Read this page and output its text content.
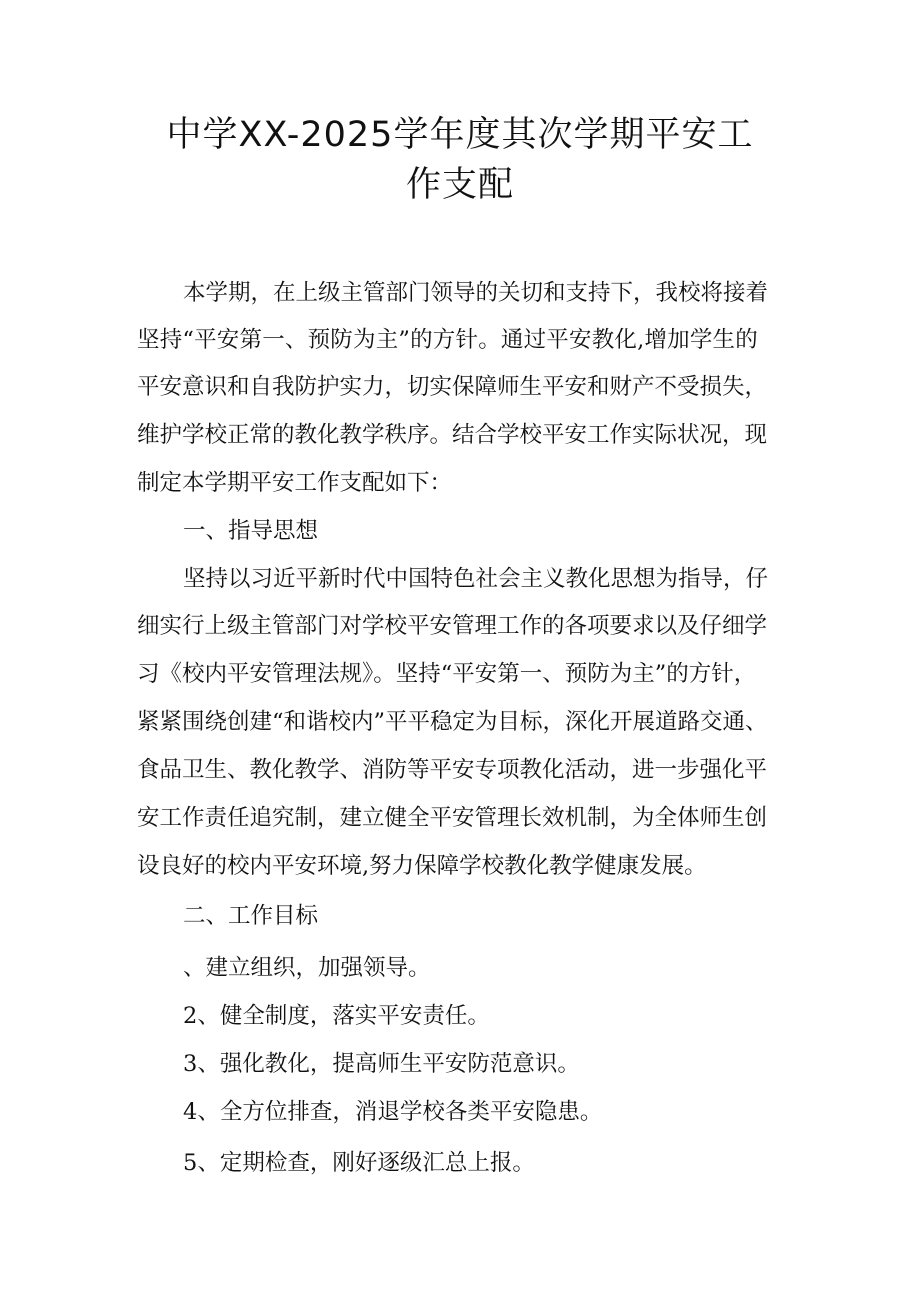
中学XX-2025学年度其次学期平安工
作支配

本学期，在上级主管部门领导的关切和支持下，我校将接着

坚持“平安第一、预防为主”的方针。通过平安教化,增加学生的

平安意识和自我防护实力，切实保障师生平安和财产不受损失，

维护学校正常的教化教学秩序。结合学校平安工作实际状况，现

制定本学期平安工作支配如下：

一、指导思想

坚持以习近平新时代中国特色社会主义教化思想为指导，仔

细实行上级主管部门对学校平安管理工作的各项要求以及仔细学

习《校内平安管理法规》。坚持“平安第一、预防为主”的方针，

紧紧围绕创建“和谐校内”平平稳定为目标，深化开展道路交通、

食品卫生、教化教学、消防等平安专项教化活动，进一步强化平

安工作责任追究制，建立健全平安管理长效机制，为全体师生创

设良好的校内平安环境,努力保障学校教化教学健康发展。

二、工作目标

、建立组织，加强领导。

2、健全制度，落实平安责任。

3、强化教化，提高师生平安防范意识。

4、全方位排查，消退学校各类平安隐患。

5、定期检查，刚好逐级汇总上报。
